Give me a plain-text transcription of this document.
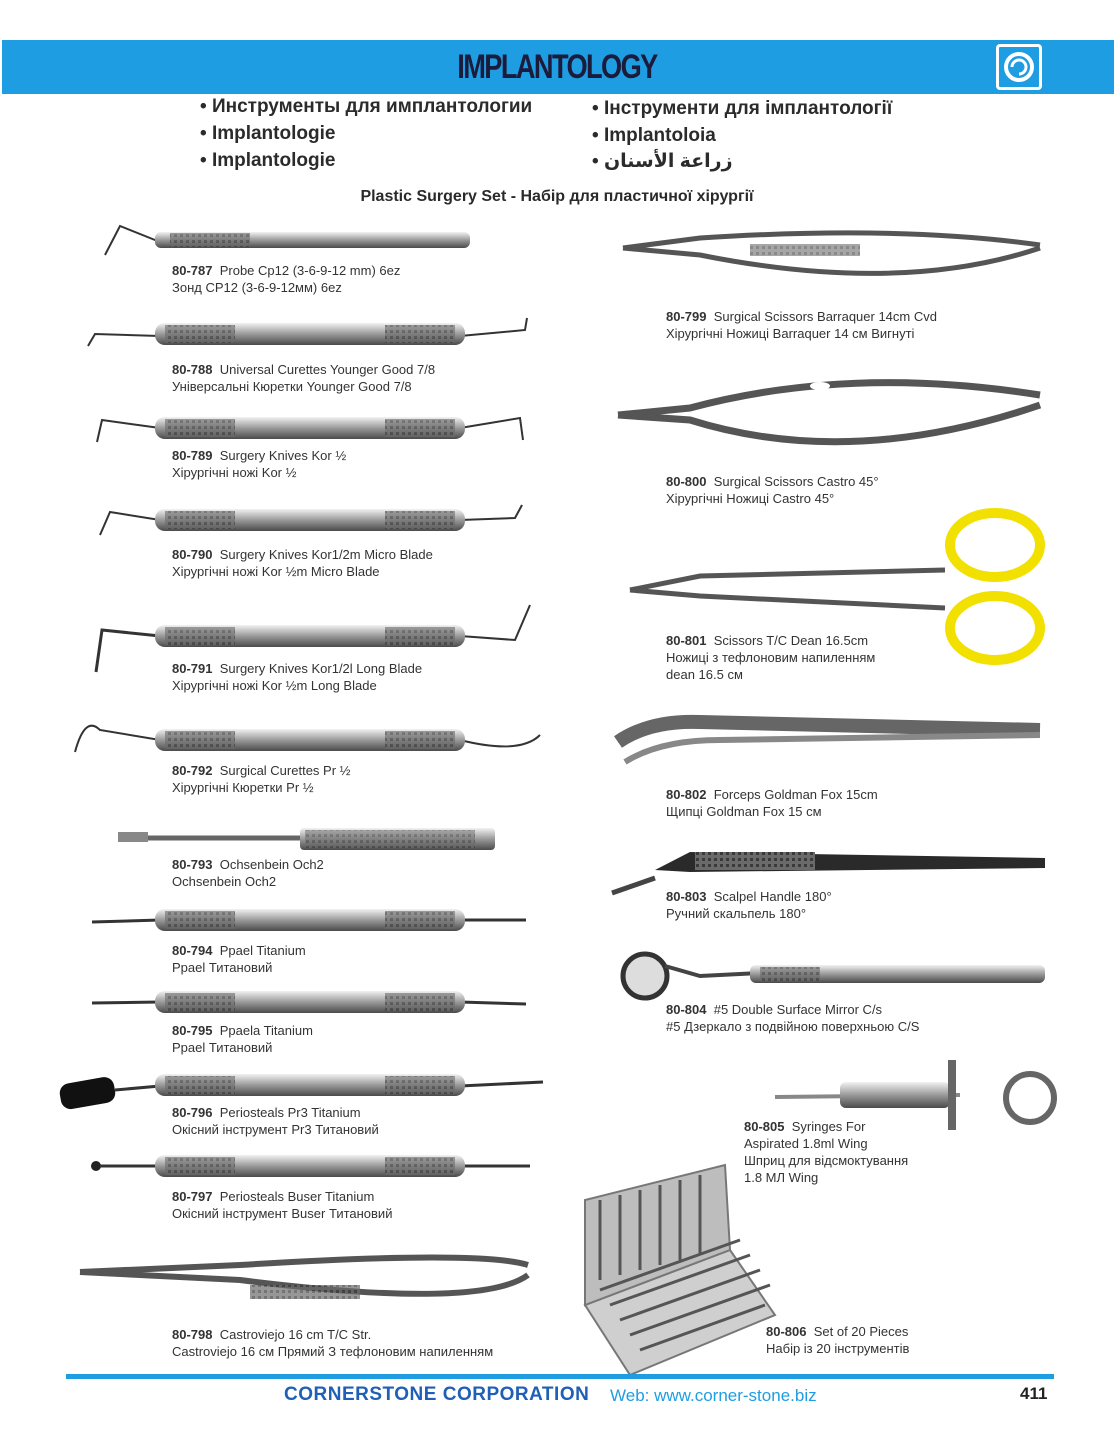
IMPLANTOLOGY
• Инструменты для имплантологии
• Implantologie
• Implantologie
• Інструменти для імплантології
• Implantoloia
• زراعة الأسنان
Plastic Surgery Set - Набір для пластичної хірургії
80-787 Probe Cp12 (3-6-9-12 mm) 6ez
Зонд CP12 (3-6-9-12мм) 6ez
80-788 Universal Curettes Younger Good 7/8
Універсальні Кюретки Younger Good 7/8
80-789 Surgery Knives Kor ½
Хірургічні ножі Kor ½
80-790 Surgery Knives Kor1/2m Micro Blade
Хірургічні ножі Kor ½m Micro Blade
80-791 Surgery Knives Kor1/2l Long Blade
Хірургічні ножі Kor ½m Long Blade
80-792 Surgical Curettes Pr ½
Хірургічні Кюретки Pr ½
80-793 Ochsenbein Och2
Ochsenbein Och2
80-794 Ppael Titanium
Ppael Титановий
80-795 Ppaela Titanium
Ppael Титановий
80-796 Periosteals Pr3 Titanium
Окісний інструмент Pr3 Титановий
80-797 Periosteals Buser Titanium
Окісний інструмент Buser Титановий
80-798 Castroviejo 16 cm T/C Str.
Castroviejo 16 см Прямий З тефлоновим напиленням
80-799 Surgical Scissors Barraquer 14cm Cvd
Хірургічні Ножиці Barraquer 14 см Вигнуті
80-800 Surgical Scissors Castro 45°
Хірургічні Ножиці Castro 45°
80-801 Scissors T/C Dean 16.5cm
Ножиці з тефлоновим напиленням
dean 16.5 см
80-802 Forceps Goldman Fox 15cm
Щипці Goldman Fox 15 см
80-803 Scalpel Handle 180°
Ручний скальпель 180°
80-804 #5 Double Surface Mirror C/s
#5 Дзеркало з подвійною поверхньою C/S
80-805 Syringes For
Aspirated 1.8ml Wing
Шприц для відсмоктування
1.8 МЛ Wing
80-806 Set of 20 Pieces
Набір із 20 інструментів
CORNERSTONE CORPORATION Web: www.corner-stone.biz	411
